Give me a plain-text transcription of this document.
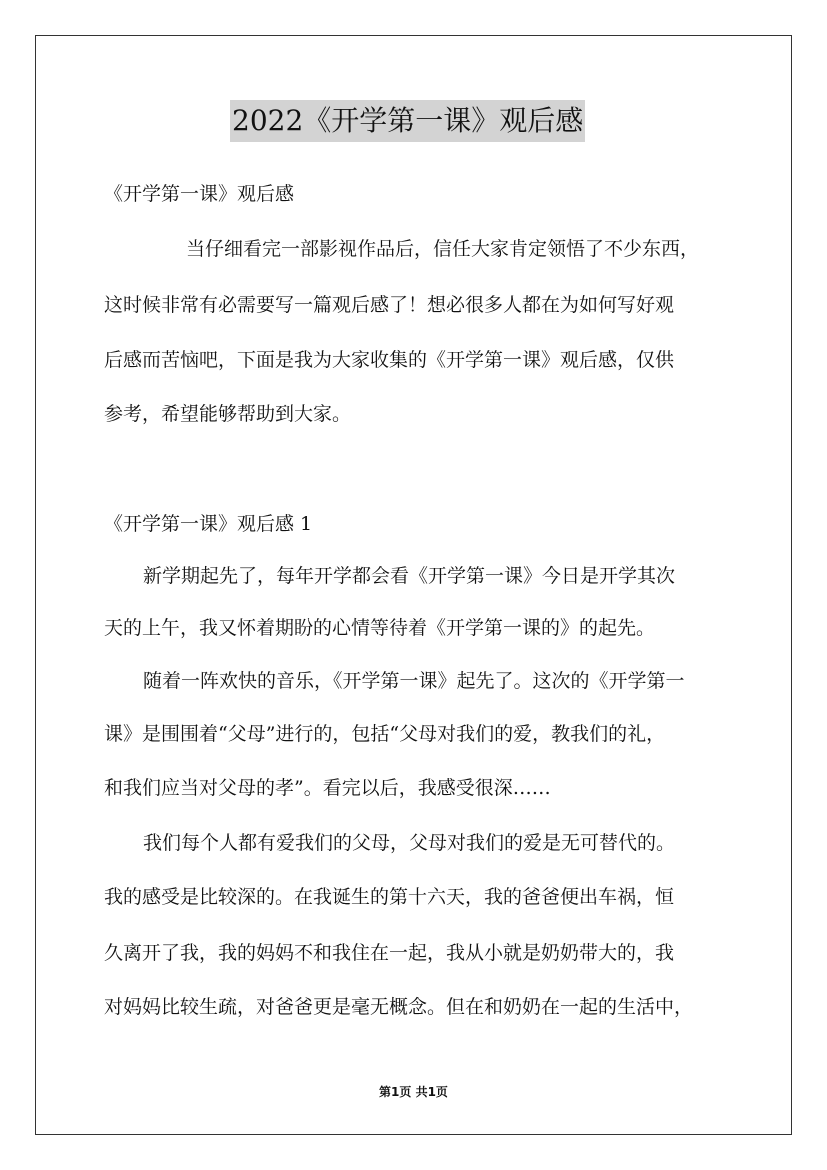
2022《开学第一课》观后感
《开学第一课》观后感
当仔细看完一部影视作品后，信任大家肯定领悟了不少东西，
这时候非常有必需要写一篇观后感了！想必很多人都在为如何写好观
后感而苦恼吧，下面是我为大家收集的《开学第一课》观后感，仅供
参考，希望能够帮助到大家。
《开学第一课》观后感 1
新学期起先了，每年开学都会看《开学第一课》今日是开学其次
天的上午，我又怀着期盼的心情等待着《开学第一课的》的起先。
随着一阵欢快的音乐，《开学第一课》起先了。这次的《开学第一
课》是围围着“父母”进行的，包括“父母对我们的爱，教我们的礼，
和我们应当对父母的孝”。看完以后，我感受很深……
我们每个人都有爱我们的父母，父母对我们的爱是无可替代的。
我的感受是比较深的。在我诞生的第十六天，我的爸爸便出车祸，恒
久离开了我，我的妈妈不和我住在一起，我从小就是奶奶带大的，我
对妈妈比较生疏，对爸爸更是毫无概念。但在和奶奶在一起的生活中，
第1页 共1页
